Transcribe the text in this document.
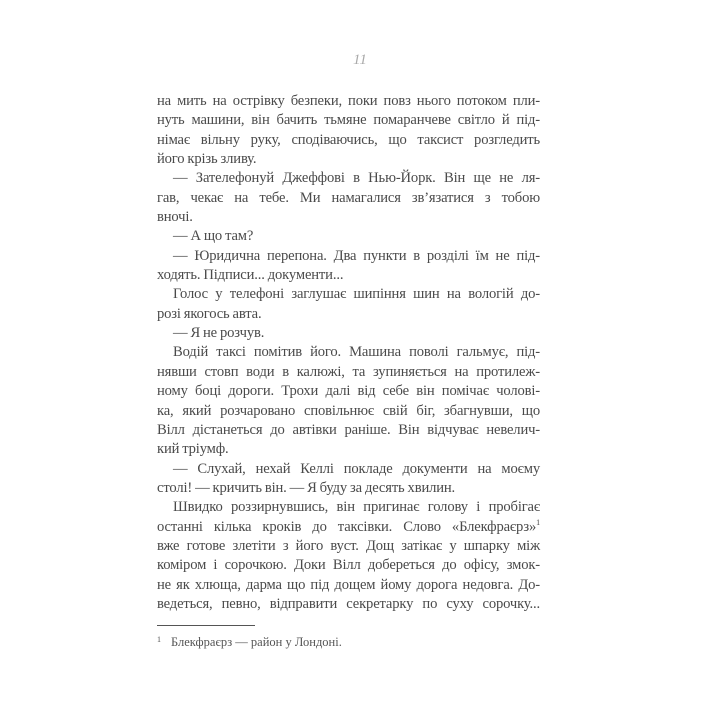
11
на мить на острівку безпеки, поки повз нього потоком пли-
нуть машини, він бачить тьмяне помаранчеве світло й під-
німає вільну руку, сподіваючись, що таксист розгледить
його крізь зливу.
— Зателефонуй Джеффові в Нью-Йорк. Він ще не ля-
гав, чекає на тебе. Ми намагалися зв’язатися з тобою
вночі.
— А що там?
— Юридична перепона. Два пункти в розділі їм не під-
ходять. Підписи... документи...
Голос у телефоні заглушає шипіння шин на вологій до-
розі якогось авта.
— Я не розчув.
Водій таксі помітив його. Машина поволі гальмує, під-
нявши стовп води в калюжі, та зупиняється на протилеж-
ному боці дороги. Трохи далі від себе він помічає чолові-
ка, який розчаровано сповільнює свій біг, збагнувши, що
Вілл дістанеться до автівки раніше. Він відчуває невелич-
кий тріумф.
— Слухай, нехай Келлі покладе документи на моєму
столі! — кричить він. — Я буду за десять хвилин.
Швидко роззирнувшись, він пригинає голову і пробігає
останні кілька кроків до таксівки. Слово «Блекфраєрз»$^1$
вже готове злетіти з його вуст. Дощ затікає у шпарку між
коміром і сорочкою. Доки Вілл добереться до офісу, змок-
не як хлюща, дарма що під дощем йому дорога недовга. До-
ведеться, певно, відправити секретарку по суху сорочку...
$^1$ Блекфраєрз — район у Лондоні.
